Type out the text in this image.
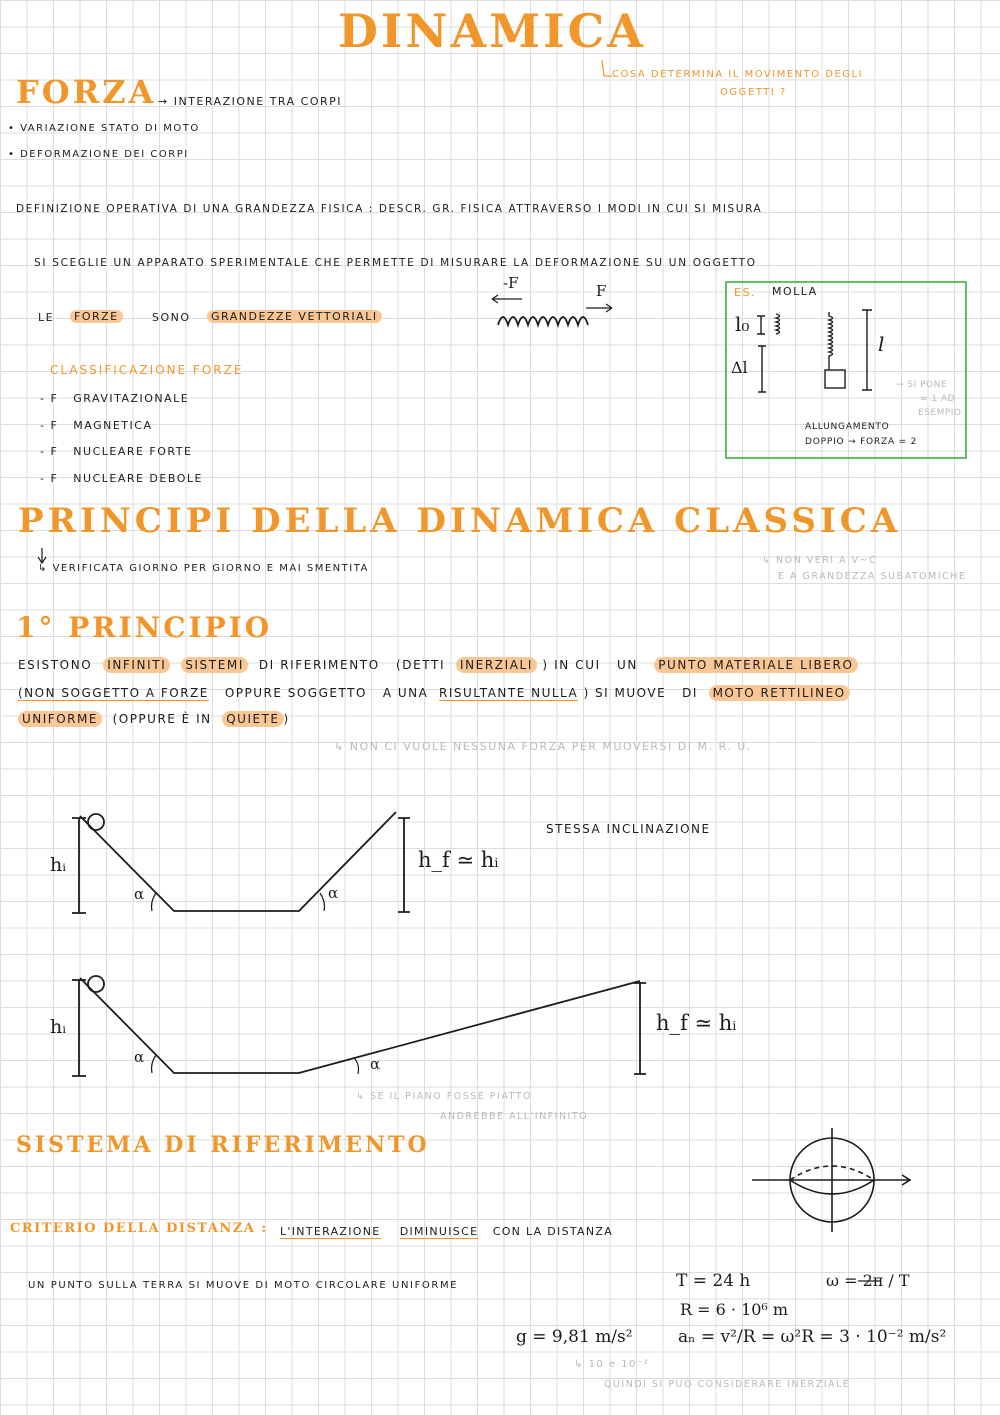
DINAMICA
COSA DETERMINA IL MOVIMENTO DEGLI
OGGETTI ?
FORZA → INTERAZIONE TRA CORPI
• VARIAZIONE STATO DI MOTO
• DEFORMAZIONE DEI CORPI
DEFINIZIONE OPERATIVA DI UNA GRANDEZZA FISICA : DESCR. GR. FISICA ATTRAVERSO I MODI IN CUI SI MISURA
SI SCEGLIE UN APPARATO SPERIMENTALE CHE PERMETTE DI MISURARE LA DEFORMAZIONE SU UN OGGETTO
LE	FORZE	SONO	GRANDEZZE VETTORIALI
-F	F	ES. MOLLA
l₀
Δl
l
ALLUNGAMENTO
DOPPIO → FORZA = 2
→ SI PONE
= 1 AD
ESEMPIO
CLASSIFICAZIONE FORZE
- F   GRAVITAZIONALE
- F   MAGNETICA
- F   NUCLEARE FORTE
- F   NUCLEARE DEBOLE
PRINCIPI DELLA DINAMICA CLASSICA
↳ VERIFICATA GIORNO PER GIORNO E MAI SMENTITA
↳ NON VERI A V~C
E A GRANDEZZA SUBATOMICHE
1° PRINCIPIO
ESISTONO INFINITI SISTEMI DI RIFERIMENTO (DETTI INERZIALI ) IN CUI UN PUNTO MATERIALE LIBERO
(NON SOGGETTO A FORZE OPPURE SOGGETTO A UNA RISULTANTE NULLA ) SI MUOVE DI MOTO RETTILINEO
UNIFORME (OPPURE È IN QUIETE )
↳ NON CI VUOLE NESSUNA FORZA PER MUOVERSI DI M. R. U.
hᵢ	h_f ≃ hᵢ
α	α
STESSA INCLINAZIONE
hᵢ	h_f ≃ hᵢ
α	α
↳ SE IL PIANO FOSSE PIATTO
ANDREBBE ALL'INFINITO
SISTEMA DI RIFERIMENTO
CRITERIO DELLA DISTANZA : L'INTERAZIONE DIMINUISCE CON LA DISTANZA
UN PUNTO SULLA TERRA SI MUOVE DI MOTO CIRCOLARE UNIFORME	T = 24 h	ω = 2π / T
R = 6 · 10⁶ m
g = 9,81 m/s²	aₙ = v²/R = ω²R = 3 · 10⁻² m/s²
↳ 10 e 10⁻²
QUINDI SI PUÒ CONSIDERARE INERZIALE
